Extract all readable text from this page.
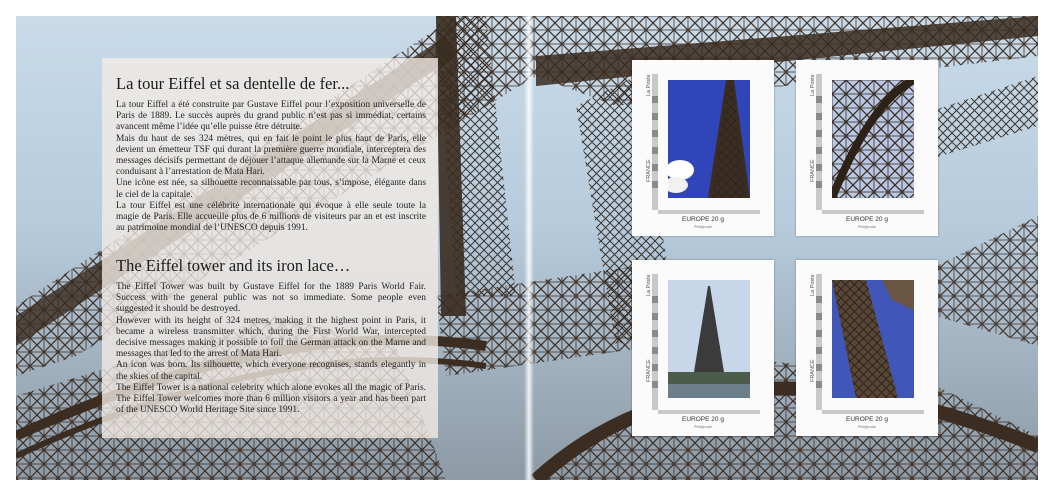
La tour Eiffel et sa dentelle de fer...

La tour Eiffel a été construite par Gustave Eiffel pour l’exposition universelle de Paris de 1889. Le succès auprès du grand public n’est pas si immédiat, certains avancent même l’idée qu’elle puisse être détruite.

Mais du haut de ses 324 mètres, qui en fait le point le plus haut de Paris, elle devient un émetteur TSF qui durant la première guerre mondiale, interceptera des messages décisifs permettant de déjouer l’attaque allemande sur la Marne et ceux conduisant à l’arrestation de Mata Hari.

Une icône est née, sa silhouette reconnaissable par tous, s’impose, élégante dans le ciel de la capitale.

La tour Eiffel est une célébrité internationale qui évoque à elle seule toute la magie de Paris. Elle accueille plus de 6 millions de visiteurs par an et est inscrite au patrimoine mondial de l’UNESCO depuis 1991.

The Eiffel tower and its iron lace…

The Eiffel Tower was built by Gustave Eiffel for the 1889 Paris World Fair. Success with the general public was not so immediate. Some people even suggested it should be destroyed.

However with its height of 324 metres, making it the highest point in Paris, it became a wireless transmitter which, during the First World War, intercepted decisive messages making it possible to foil the German attack on the Marne and messages that led to the arrest of Mata Hari.

An icon was born. Its silhouette, which everyone recognises, stands elegantly in the skies of the capital.

The Eiffel Tower is a national celebrity which alone evokes all the magic of Paris. The Eiffel Tower welcomes more than 6 million visitors a year and has been part of the UNESCO World Heritage Site since 1991.

La Poste
FRANCE
EUROPE 20 g
Phil@poste
La Poste
FRANCE
EUROPE 20 g
Phil@poste
La Poste
FRANCE
EUROPE 20 g
Phil@poste
La Poste
FRANCE
EUROPE 20 g
Phil@poste
